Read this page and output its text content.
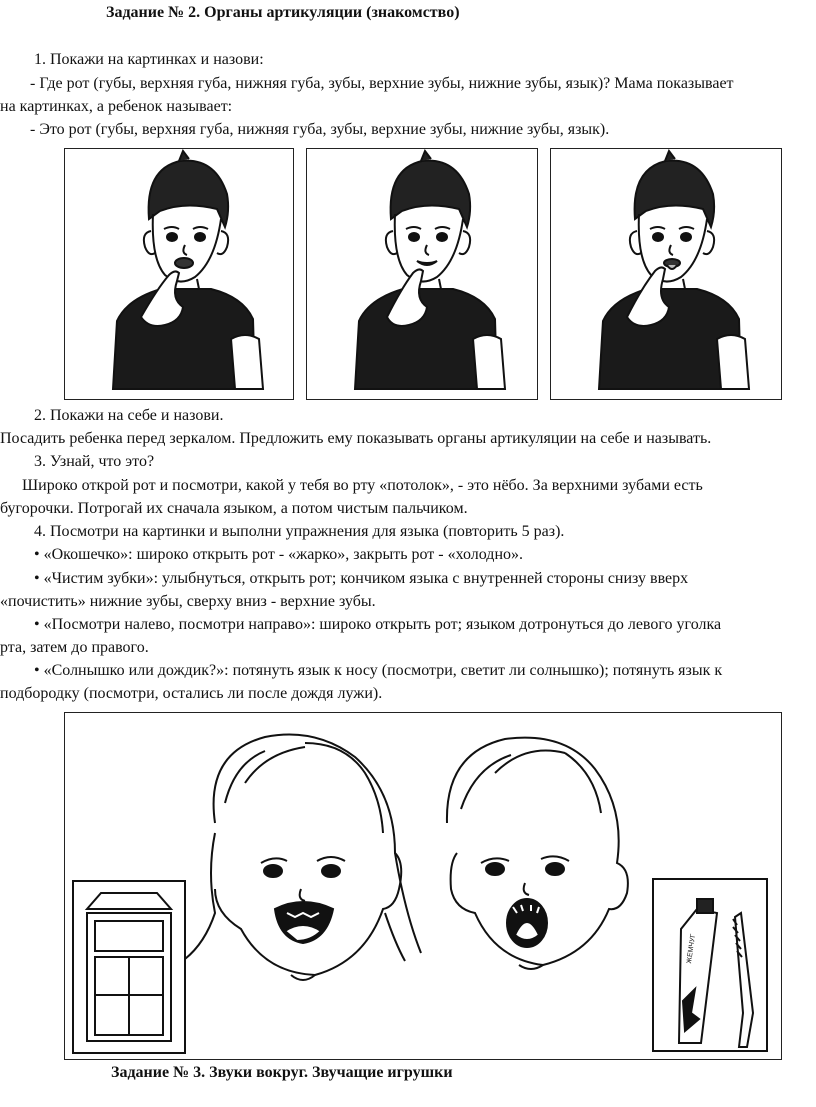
Задание № 2. Органы артикуляции (знакомство)
1. Покажи на картинках и назови:
- Где рот (губы, верхняя губа, нижняя губа, зубы, верхние зубы, нижние зубы, язык)? Мама показывает
на картинках, а ребенок называет:
- Это рот (губы, верхняя губа, нижняя губа, зубы, верхние зубы, нижние зубы, язык).
2. Покажи на себе и назови.
Посадить ребенка перед зеркалом. Предложить ему показывать органы артикуляции на себе и называть.
3. Узнай, что это?
Широко открой рот и посмотри, какой у тебя во рту «потолок», - это нёбо. За верхними зубами есть
бугорочки. Потрогай их сначала языком, а потом чистым пальчиком.
4. Посмотри на картинки и выполни упражнения для языка (повторить 5 раз).
• «Окошечко»: широко открыть рот - «жарко», закрыть рот - «холодно».
• «Чистим зубки»: улыбнуться, открыть рот; кончиком языка с внутренней стороны снизу вверх
«почистить» нижние зубы, сверху вниз - верхние зубы.
• «Посмотри налево, посмотри направо»: широко открыть рот; языком дотронуться до левого уголка
рта, затем до правого.
• «Солнышко или дождик?»: потянуть язык к носу (посмотри, светит ли солнышко); потянуть язык к
подбородку (посмотри, остались ли после дождя лужи).
ЖЕМЧУГ
Задание № 3. Звуки вокруг. Звучащие игрушки
